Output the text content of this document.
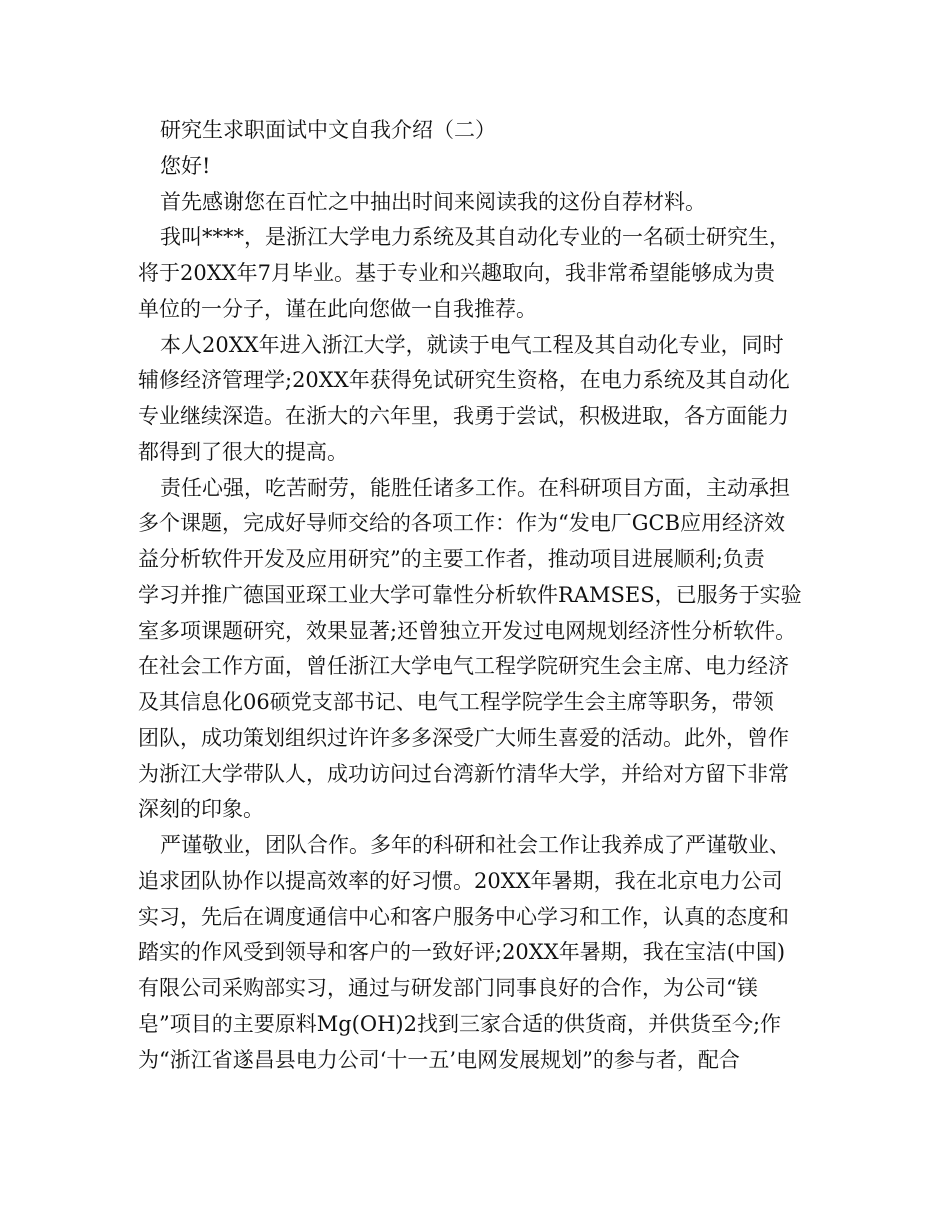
研究生求职面试中文自我介绍（二）
您好!
首先感谢您在百忙之中抽出时间来阅读我的这份自荐材料。
我叫****，是浙江大学电力系统及其自动化专业的一名硕士研究生，
将于20XX年7月毕业。基于专业和兴趣取向，我非常希望能够成为贵
单位的一分子，谨在此向您做一自我推荐。
本人20XX年进入浙江大学，就读于电气工程及其自动化专业，同时
辅修经济管理学;20XX年获得免试研究生资格，在电力系统及其自动化
专业继续深造。在浙大的六年里，我勇于尝试，积极进取，各方面能力
都得到了很大的提高。
责任心强，吃苦耐劳，能胜任诸多工作。在科研项目方面，主动承担
多个课题，完成好导师交给的各项工作：作为“发电厂GCB应用经济效
益分析软件开发及应用研究”的主要工作者，推动项目进展顺利;负责
学习并推广德国亚琛工业大学可靠性分析软件RAMSES，已服务于实验
室多项课题研究，效果显著;还曾独立开发过电网规划经济性分析软件。
在社会工作方面，曾任浙江大学电气工程学院研究生会主席、电力经济
及其信息化06硕党支部书记、电气工程学院学生会主席等职务，带领
团队，成功策划组织过许许多多深受广大师生喜爱的活动。此外，曾作
为浙江大学带队人，成功访问过台湾新竹清华大学，并给对方留下非常
深刻的印象。
严谨敬业，团队合作。多年的科研和社会工作让我养成了严谨敬业、
追求团队协作以提高效率的好习惯。20XX年暑期，我在北京电力公司
实习，先后在调度通信中心和客户服务中心学习和工作，认真的态度和
踏实的作风受到领导和客户的一致好评;20XX年暑期，我在宝洁(中国)
有限公司采购部实习，通过与研发部门同事良好的合作，为公司“镁
皂”项目的主要原料Mg(OH)2找到三家合适的供货商，并供货至今;作
为“浙江省遂昌县电力公司‘十一五’电网发展规划”的参与者，配合
